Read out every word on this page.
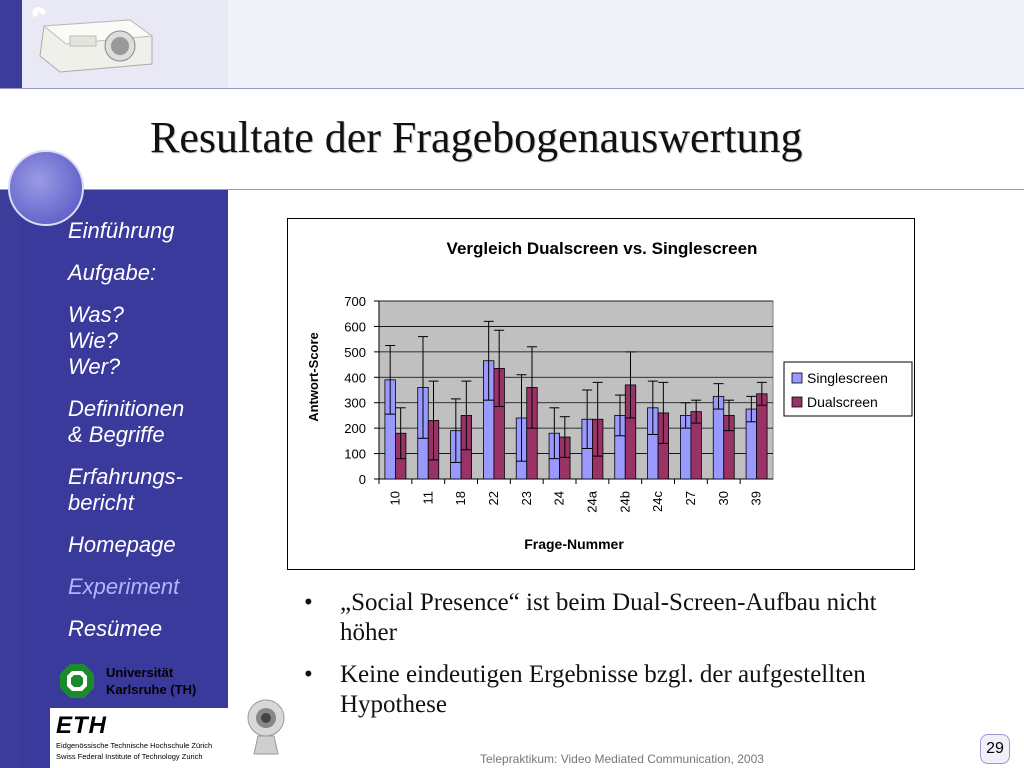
Resultate der Fragebogenauswertung
Einführung
Aufgabe:
Was?
Wie?
Wer?
Definitionen
& Begriffe
Erfahrungs-
bericht
Homepage
Experiment
Resümee
Universität
Karlsruhe (TH)
ETH
Eidgenössische Technische Hochschule Zürich
Swiss Federal Institute of Technology Zurich
Vergleich Dualscreen vs. Singlescreen
Antwort-Score
Frage-Nummer
0
100
200
300
400
500
600
700
10 11 18 22 23 24 24a 24b 24c 27 30 39
Singlescreen
Dualscreen
• „Social Presence“ ist beim Dual-Screen-Aufbau nicht höher
• Keine eindeutigen Ergebnisse bzgl. der aufgestellten Hypothese
Telepraktikum: Video Mediated Communication, 2003
29
